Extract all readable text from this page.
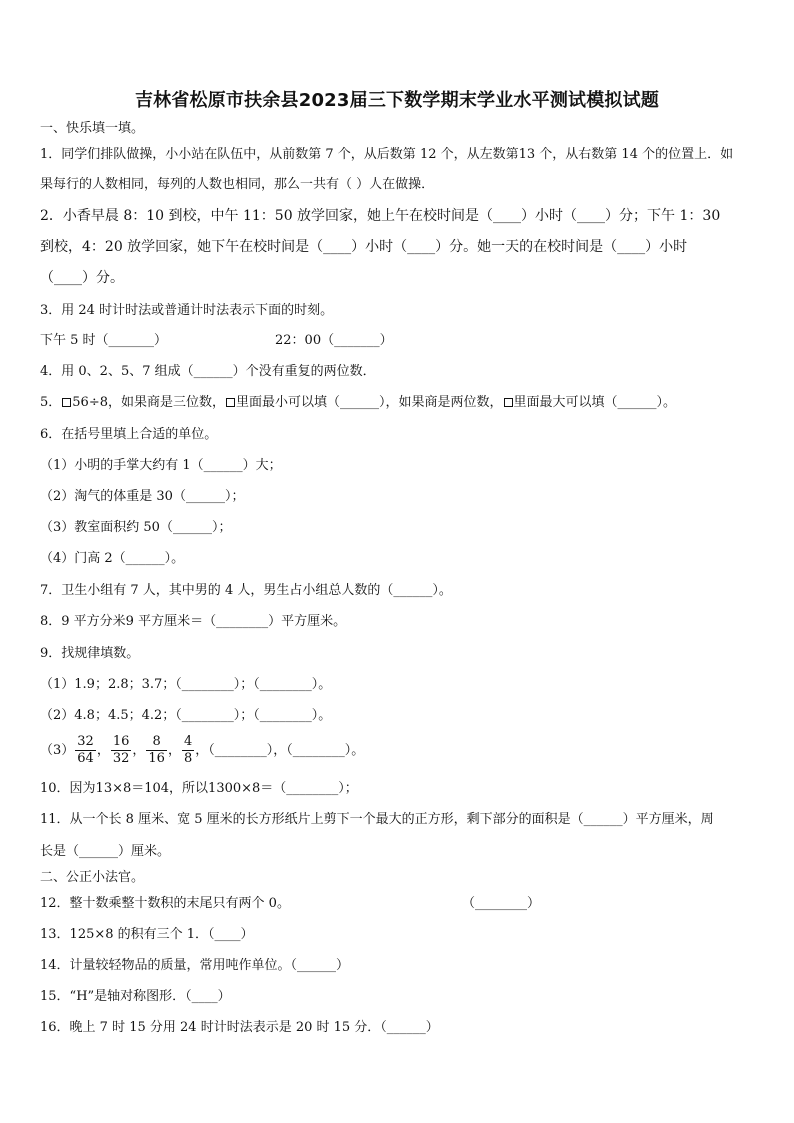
吉林省松原市扶余县2023届三下数学期末学业水平测试模拟试题
一、快乐填一填。
1．同学们排队做操，小小站在队伍中，从前数第 7 个，从后数第 12 个，从左数第13 个，从右数第 14 个的位置上．如
果每行的人数相同，每列的人数也相同，那么一共有（ ）人在做操．
2．小香早晨 8：10 到校，中午 11：50 放学回家，她上午在校时间是（____）小时（____）分；下午 1：30
到校，4：20 放学回家，她下午在校时间是（____）小时（____）分。她一天的在校时间是（____）小时
（____）分。
3．用 24 时计时法或普通计时法表示下面的时刻。
下午 5 时（_______）	22：00（_______）
4．用 0、2、5、7 组成（______）个没有重复的两位数．
5． 56÷8，如果商是三位数， 里面最小可以填（______），如果商是两位数， 里面最大可以填（______）。
6．在括号里填上合适的单位。
（1）小明的手掌大约有 1（______）大；
（2）淘气的体重是 30（______）；
（3）教室面积约 50（______）；
（4）门高 2（______）。
7．卫生小组有 7 人，其中男的 4 人，男生占小组总人数的（______）。
8．9 平方分米9 平方厘米＝（________）平方厘米。
9．找规律填数。
（1）1.9；2.8；3.7；（________）；（________）。
（2）4.8；4.5；4.2；（________）；（________）。
$(3) \frac{32}{64}$ ， $\frac{16}{32}$ ， $\frac{8}{16}$ ， $\frac{4}{8}$ ，（________），（________）。
10．因为13×8＝104，所以1300×8＝（________）；
11．从一个长 8 厘米、宽 5 厘米的长方形纸片上剪下一个最大的正方形，剩下部分的面积是（______）平方厘米，周
长是（______）厘米。
二、公正小法官。
12．整十数乘整十数积的末尾只有两个 0。	（________）
13．125×8 的积有三个 1．（____）
14．计量较轻物品的质量，常用吨作单位。（______）
15．“H”是轴对称图形．（____）
16．晚上 7 时 15 分用 24 时计时法表示是 20 时 15 分．（______）
